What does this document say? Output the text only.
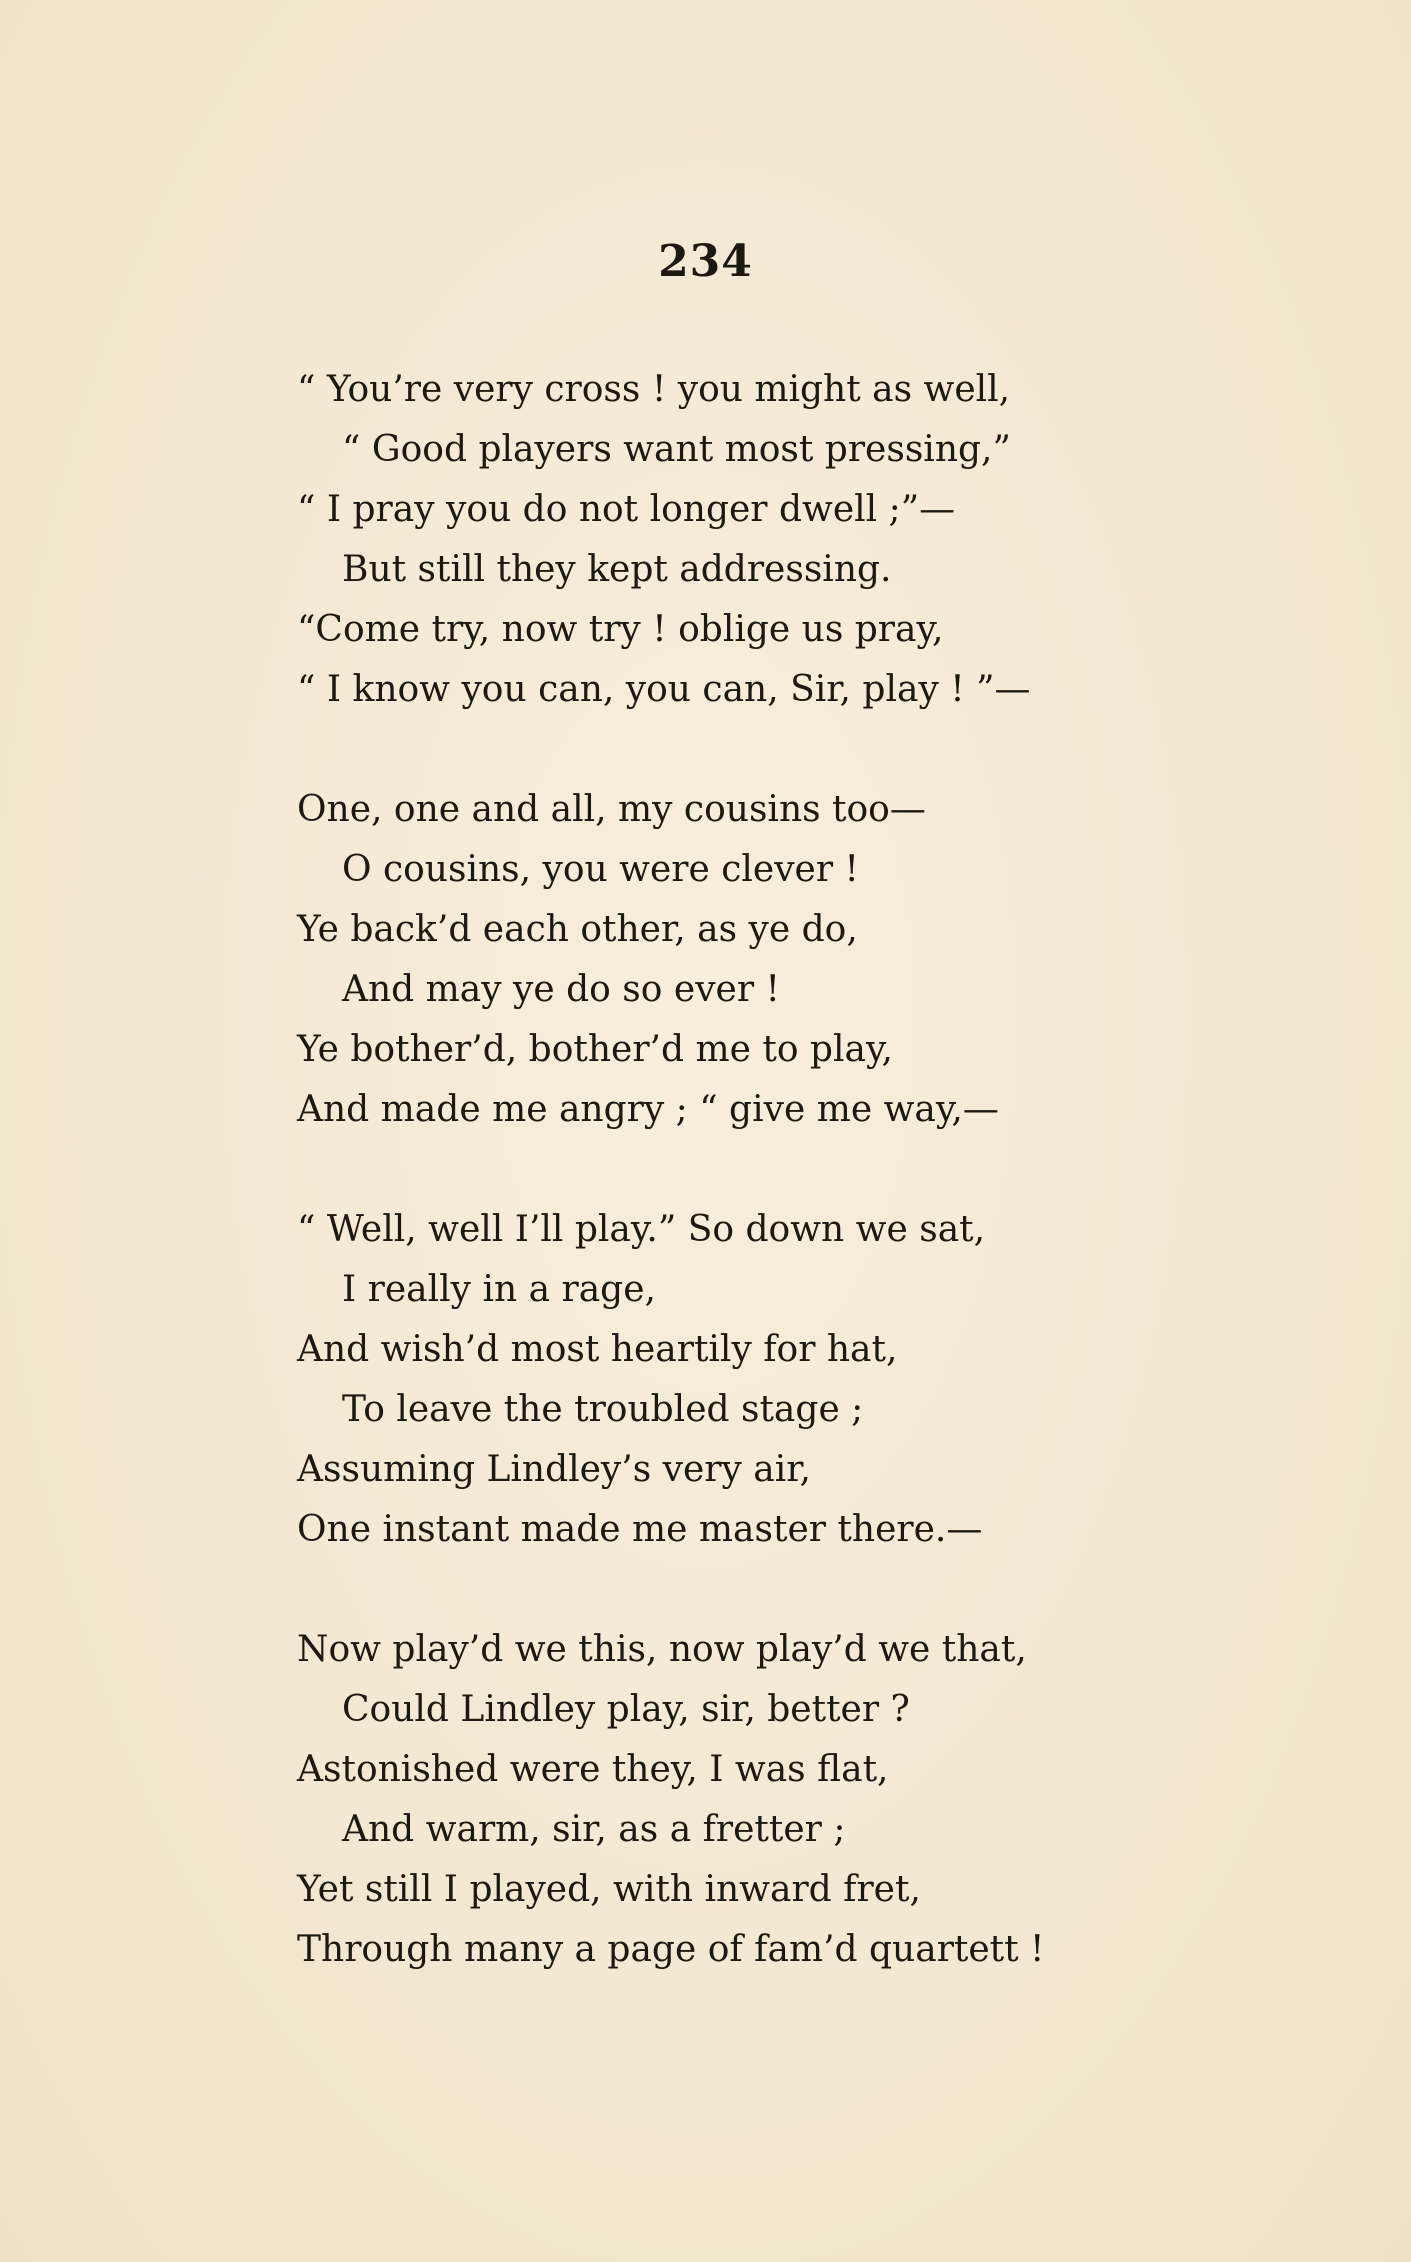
234
“ You’re very cross ! you might as well,
“ Good players want most pressing,”
“ I pray you do not longer dwell ;”—
But still they kept addressing.
“Come try, now try ! oblige us pray,
“ I know you can, you can, Sir, play ! ”—
One, one and all, my cousins too—
O cousins, you were clever !
Ye back’d each other, as ye do,
And may ye do so ever !
Ye bother’d, bother’d me to play,
And made me angry ; “ give me way,—
“ Well, well I’ll play.” So down we sat,
I really in a rage,
And wish’d most heartily for hat,
To leave the troubled stage ;
Assuming Lindley’s very air,
One instant made me master there.—
Now play’d we this, now play’d we that,
Could Lindley play, sir, better ?
Astonished were they, I was flat,
And warm, sir, as a fretter ;
Yet still I played, with inward fret,
Through many a page of fam’d quartett !
